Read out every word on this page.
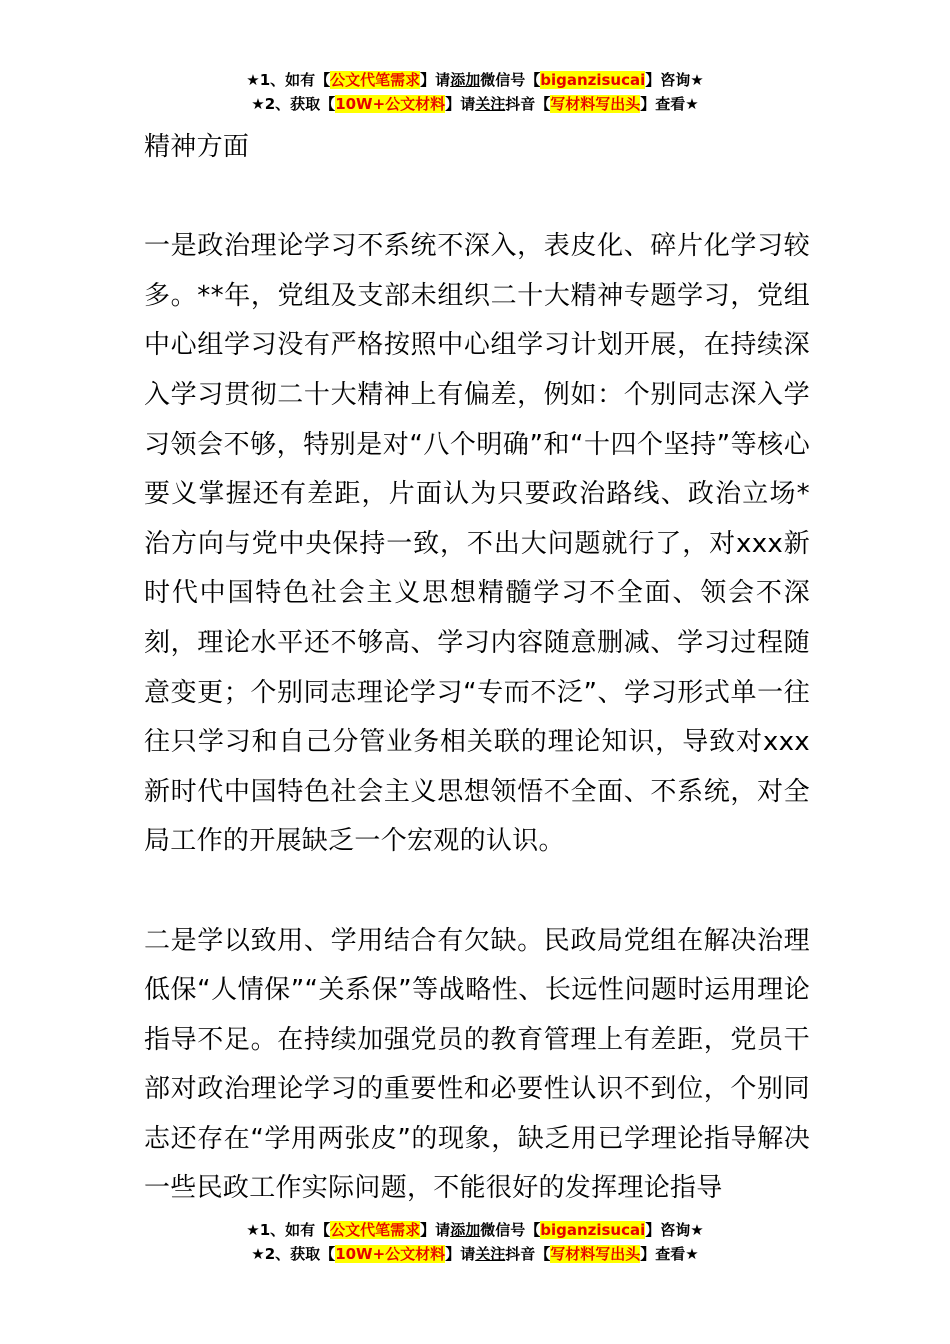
★1、如有【公文代笔需求】请添加微信号【biganzisucai】咨询★
★2、获取【10W+公文材料】请关注抖音【写材料写出头】查看★

精神方面

一是政治理论学习不系统不深入，表皮化、碎片化学习较多。**年，党组及支部未组织二十大精神专题学习，党组中心组学习没有严格按照中心组学习计划开展，在持续深入学习贯彻二十大精神上有偏差，例如：个别同志深入学习领会不够，特别是对“八个明确”和“十四个坚持”等核心要义掌握还有差距，片面认为只要政治路线、政治立场*治方向与党中央保持一致，不出大问题就行了，对xxx新时代中国特色社会主义思想精髓学习不全面、领会不深刻，理论水平还不够高、学习内容随意删减、学习过程随意变更；个别同志理论学习“专而不泛”、学习形式单一往往只学习和自己分管业务相关联的理论知识，导致对xxx新时代中国特色社会主义思想领悟不全面、不系统，对全局工作的开展缺乏一个宏观的认识。

二是学以致用、学用结合有欠缺。民政局党组在解决治理低保“人情保”“关系保”等战略性、长远性问题时运用理论指导不足。在持续加强党员的教育管理上有差距，党员干部对政治理论学习的重要性和必要性认识不到位，个别同志还存在“学用两张皮”的现象，缺乏用已学理论指导解决一些民政工作实际问题，不能很好的发挥理论指导

★1、如有【公文代笔需求】请添加微信号【biganzisucai】咨询★
★2、获取【10W+公文材料】请关注抖音【写材料写出头】查看★
